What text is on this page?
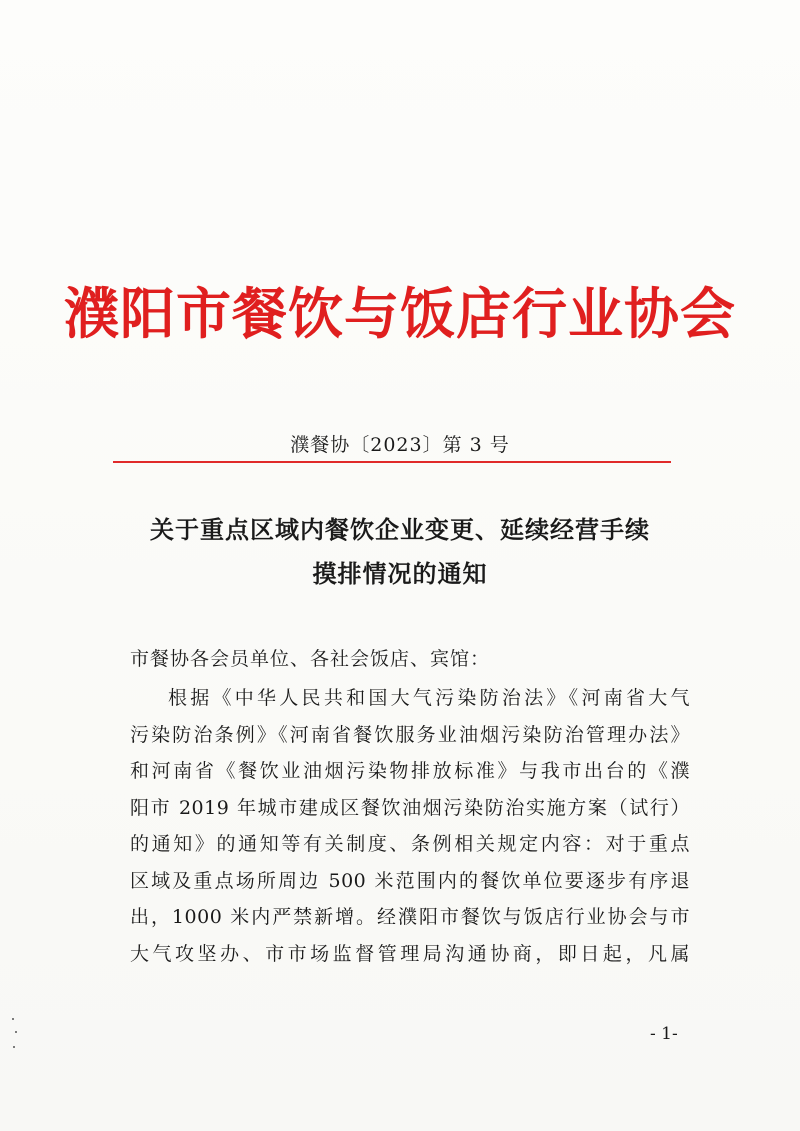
濮阳市餐饮与饭店行业协会
濮餐协〔2023〕第 3 号
关于重点区域内餐饮企业变更、延续经营手续
摸排情况的通知
市餐协各会员单位、各社会饭店、宾馆：
根据《中华人民共和国大气污染防治法》《河南省大气
污染防治条例》《河南省餐饮服务业油烟污染防治管理办法》
和河南省《餐饮业油烟污染物排放标准》与我市出台的《濮
阳市 2019 年城市建成区餐饮油烟污染防治实施方案（试行）
的通知》的通知等有关制度、条例相关规定内容：对于重点
区域及重点场所周边 500 米范围内的餐饮单位要逐步有序退
出，1000 米内严禁新增。经濮阳市餐饮与饭店行业协会与市
大气攻坚办、市市场监督管理局沟通协商，即日起，凡属
- 1-
